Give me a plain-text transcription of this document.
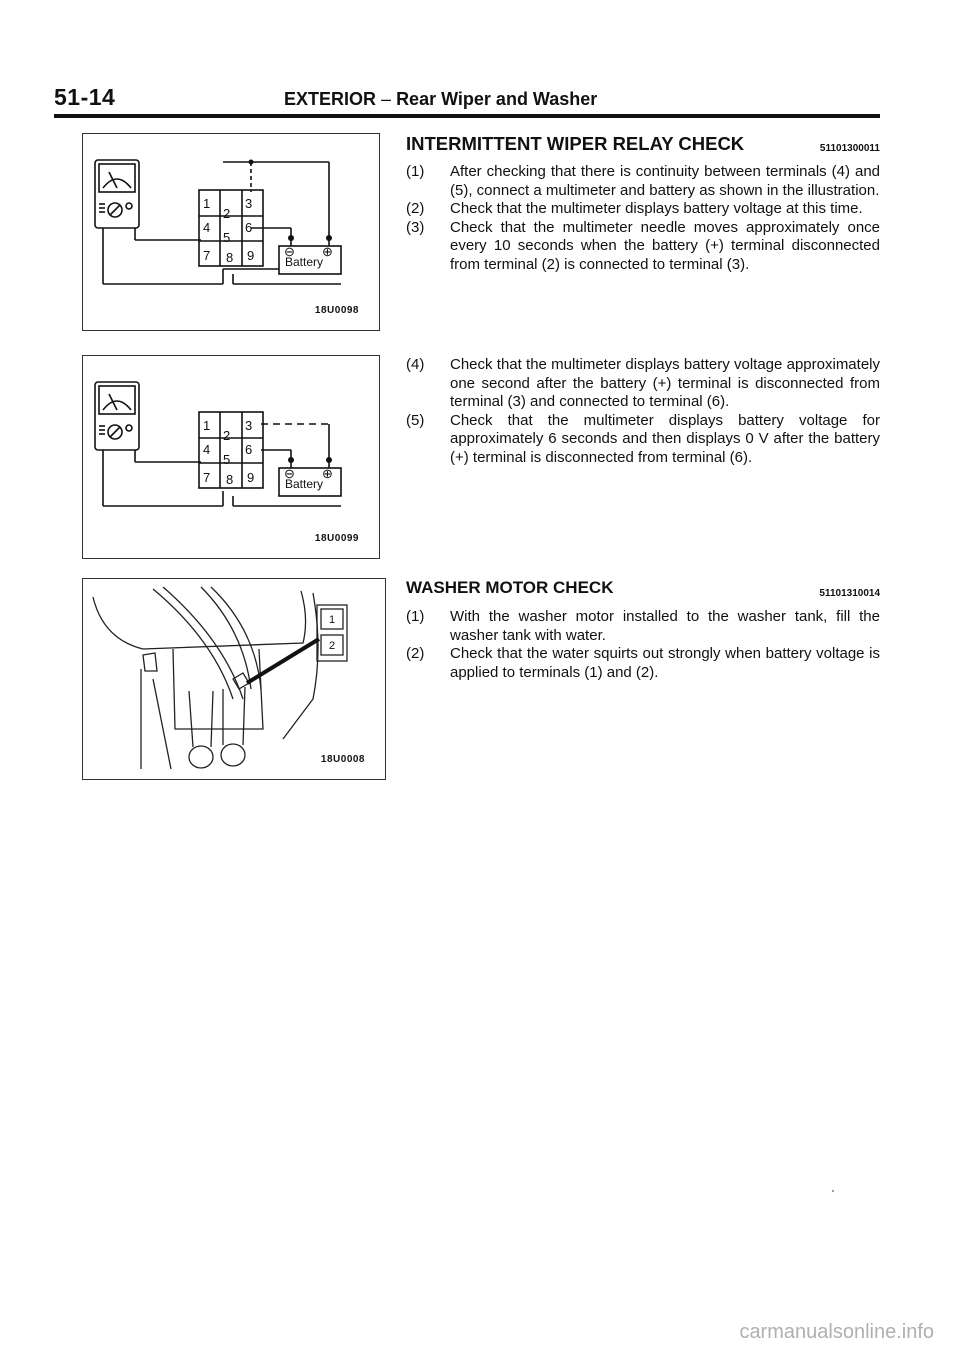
51-14	EXTERIOR – Rear Wiper and Washer
1
2
3
4
5
6
7 8 9	Battery
⊖ ⊕
18U0098
1
2
3
4
5
6
7 8 9	Battery
⊖ ⊕
18U0099
1
2
18U0008
INTERMITTENT WIPER RELAY CHECK	51101300011
(1) After checking that there is continuity between terminals (4) and (5), connect a multimeter and battery as shown in the illustration.
(2) Check that the multimeter displays battery voltage at this time.
(3) Check that the multimeter needle moves approximately once every 10 seconds when the battery (+) terminal disconnected from terminal (2) is connected to terminal (3).
(4) Check that the multimeter displays battery voltage approximately one second after the battery (+) terminal is disconnected from terminal (3) and connected to terminal (6).
(5) Check that the multimeter displays battery voltage for approximately 6 seconds and then displays 0 V after the battery (+) terminal is disconnected from terminal (6).
WASHER MOTOR CHECK	51101310014
(1) With the washer motor installed to the washer tank, fill the washer tank with water.
(2) Check that the water squirts out strongly when battery voltage is applied to terminals (1) and (2).
carmanualsonline.info
